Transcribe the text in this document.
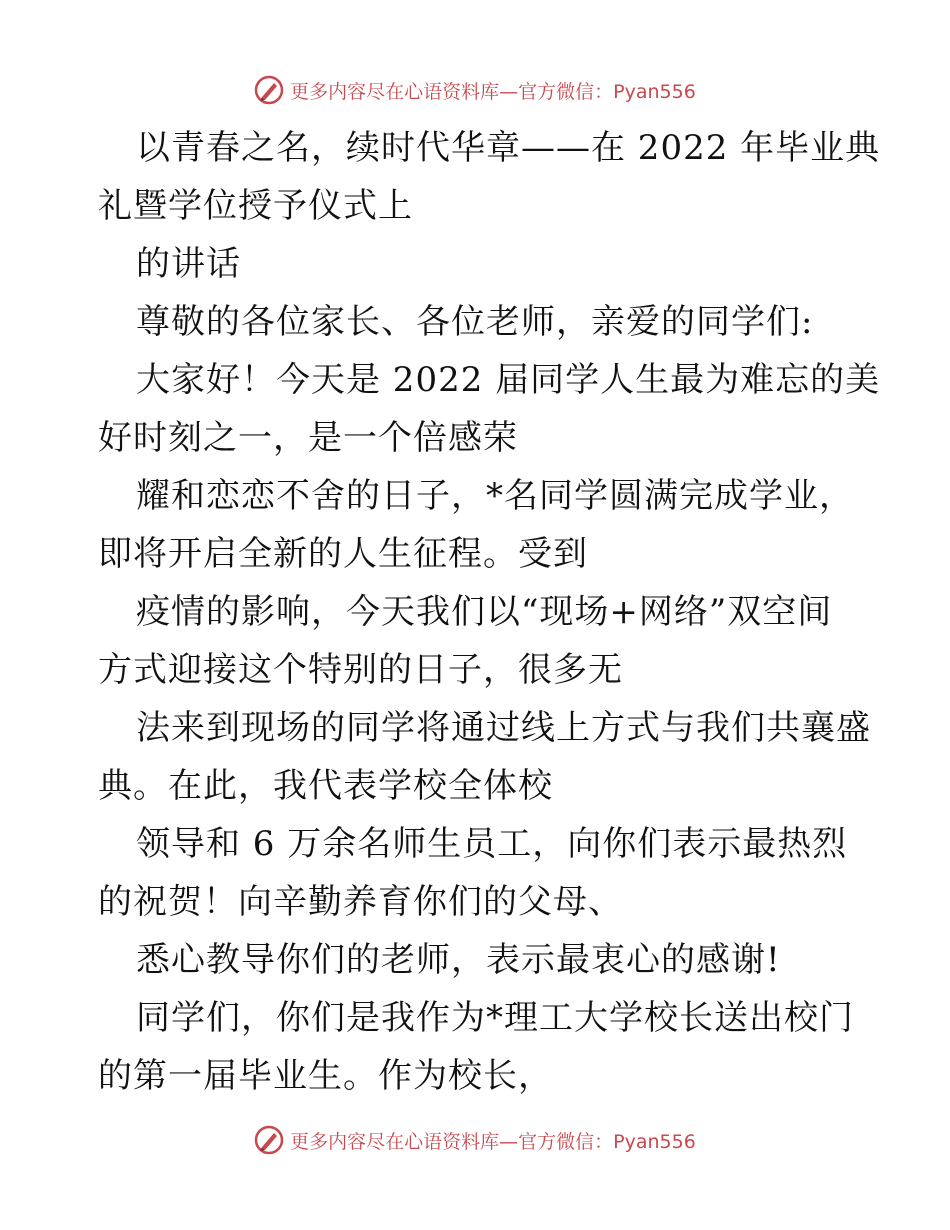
更多内容尽在心语资料库—官方微信：Pyan556
以青春之名，续时代华章——在 2022 年毕业典
礼暨学位授予仪式上
的讲话
尊敬的各位家长、各位老师，亲爱的同学们:
大家好！今天是 2022 届同学人生最为难忘的美
好时刻之一，是一个倍感荣
耀和恋恋不舍的日子，*名同学圆满完成学业，
即将开启全新的人生征程。受到
疫情的影响，今天我们以“现场+网络”双空间
方式迎接这个特别的日子，很多无
法来到现场的同学将通过线上方式与我们共襄盛
典。在此，我代表学校全体校
领导和 6 万余名师生员工，向你们表示最热烈
的祝贺！向辛勤养育你们的父母、
悉心教导你们的老师，表示最衷心的感谢!
同学们，你们是我作为*理工大学校长送出校门
的第一届毕业生。作为校长，
更多内容尽在心语资料库—官方微信：Pyan556
